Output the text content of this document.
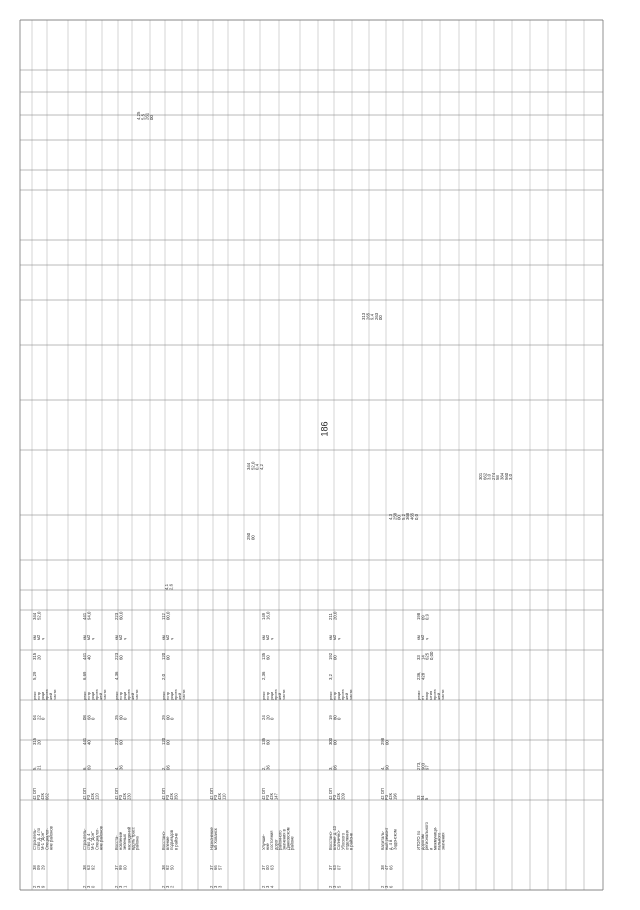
186
2 3 9
38 09 29
Строитель- ство д. 4 по М-1 "Дон" Спецналог- ние районов
42 ОП РЗ 42К 662
5, 21
315 20
04 22 0
реко нстр укци проез жей части
5,29
315 20
км м2 ч
344 52,0
2 3 0
38 63 92
Строитель- ство д. 4 М-1 "Дон" Спецналог- ние районов
42 ОП РЗ 42К 120
6, 69
441 40
08 68 0
реко нстр укци проез жей части
6,69
441 40
км м2 ч
441 94,0
2 3 1
37 99 00
Восста- новление зеленых насаждений вдоль трасс района
42 ОП РЗ 42К 230
4, 36
223 60
25 60 0
реко нстр укци проез жей части
4,36
223 60
км м2 ч
223 60,0
2 3 2
38 92 50
Восстано- вление подъездов в районе
42 ОП РЗ 42К 350
2, 06
120 00
29 00 0
реко нстр укци проез жей части
2,0
120 00
км м2 ч
112 00,0
2 3 3
37 66 57
Назначение мб Хованск
42 ОП РЗ 42К 110
2 3 4
37 00 63
Улучше- ние состояния дорог районного значения в Данковском районе
42 ОП РЗ 42К 147
2, 36
135 60
24 20 0
реко нстр укци проез жей части
2,36
135 60
км м2 ч
149 16,0
2 3 5
37 63 07
Восстано- вление д. 43 Солнечно- Убоского отделения в районе
42 ОП РЗ 42К 209
3, 06
300 00
19 80 0
реко нстр укци проез жей части
3,2
192 00
км м2 ч
211 20,0
2 3 6
38 47 66
Капиталь- ный ремонт д. 4 в Задонском
42 ОП РЗ 42К 196
4, 90
298 00
ИТОГО по дорогам регионального и межмуници- пального значения
33 54 5
273, 903 97
ремо нт покр ытия проез жей части
236, 428
33 14 625 0,00
км м2 ч
198 09 0,9
4,1 2,6
344 52,0 0,4 4,2
250 00
4,3 258 00 5,2 368 465 0,0
301 662 3,0 274 58 384 560 3,0
4,25 5,5 261 00
313 265 9,4 263 00
